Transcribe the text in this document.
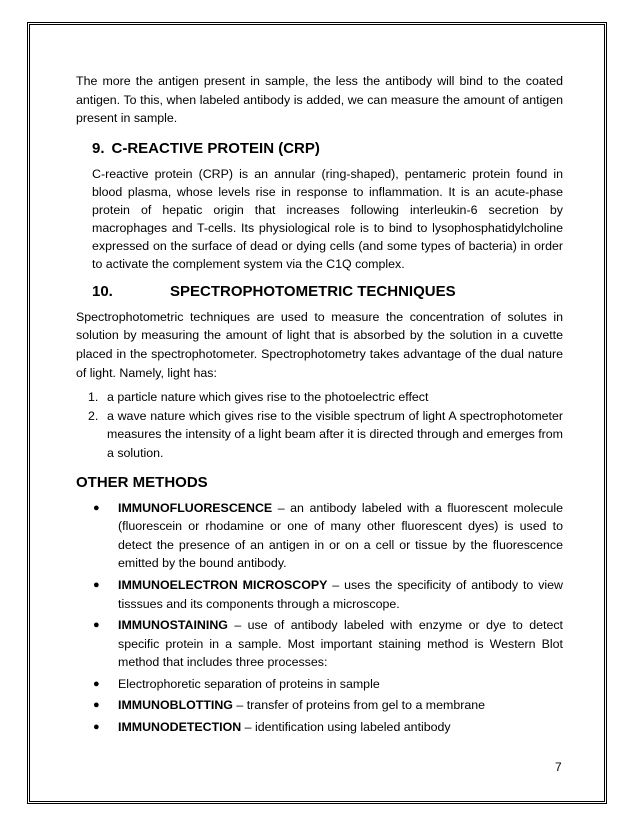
The more the antigen present in sample, the less the antibody will bind to the coated antigen. To this, when labeled antibody is added, we can measure the amount of antigen present in sample.

9. C-REACTIVE PROTEIN (CRP)

C-reactive protein (CRP) is an annular (ring-shaped), pentameric protein found in blood plasma, whose levels rise in response to inflammation. It is an acute-phase protein of hepatic origin that increases following interleukin-6 secretion by macrophages and T-cells. Its physiological role is to bind to lysophosphatidylcholine expressed on the surface of dead or dying cells (and some types of bacteria) in order to activate the complement system via the C1Q complex.

10.	SPECTROPHOTOMETRIC TECHNIQUES

Spectrophotometric techniques are used to measure the concentration of solutes in solution by measuring the amount of light that is absorbed by the solution in a cuvette placed in the spectrophotometer. Spectrophotometry takes advantage of the dual nature of light. Namely, light has:

1. a particle nature which gives rise to the photoelectric effect
2. a wave nature which gives rise to the visible spectrum of light A spectrophotometer measures the intensity of a light beam after it is directed through and emerges from a solution.
OTHER METHODS
●	IMMUNOFLUORESCENCE – an antibody labeled with a fluorescent molecule (fluorescein or rhodamine or one of many other fluorescent dyes) is used to detect the presence of an antigen in or on a cell or tissue by the fluorescence emitted by the bound antibody.
●	IMMUNOELECTRON MICROSCOPY – uses the specificity of antibody to view tisssues and its components through a microscope.
●	IMMUNOSTAINING – use of antibody labeled with enzyme or dye to detect specific protein in a sample. Most important staining method is Western Blot method that includes three processes:
●	Electrophoretic separation of proteins in sample
●	IMMUNOBLOTTING – transfer of proteins from gel to a membrane
●	IMMUNODETECTION – identification using labeled antibody
7
